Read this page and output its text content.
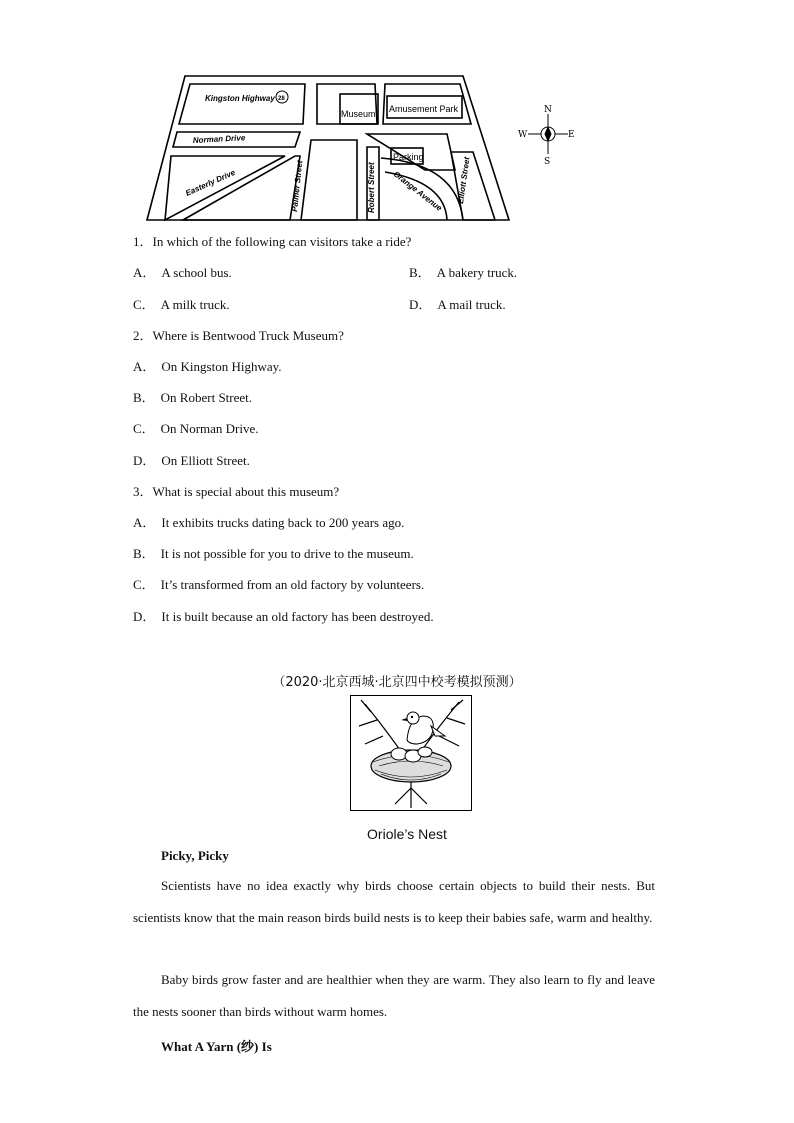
Kingston Highway 28
Norman Drive
Easterly Drive	Palmer Street	Robert Street Orange Avenue Elliott Street
Museum Amusement Park
Parking
N
S
W	E
1．In which of the following can visitors take a ride?
A． A school bus.	B． A bakery truck.
C． A milk truck.	D． A mail truck.
2．Where is Bentwood Truck Museum?
A． On Kingston Highway.
B． On Robert Street.
C． On Norman Drive.
D． On Elliott Street.
3．What is special about this museum?
A． It exhibits trucks dating back to 200 years ago.
B． It is not possible for you to drive to the museum.
C． It’s transformed from an old factory by volunteers.
D． It is built because an old factory has been destroyed.
（2020·北京西城·北京四中校考模拟预测）
Oriole’s Nest
Picky, Picky
Scientists have no idea exactly why birds choose certain objects to build their nests. But scientists know that the main reason birds build nests is to keep their babies safe, warm and healthy.
Baby birds grow faster and are healthier when they are warm. They also learn to fly and leave the nests sooner than birds without warm homes.
What A Yarn (纱) Is
